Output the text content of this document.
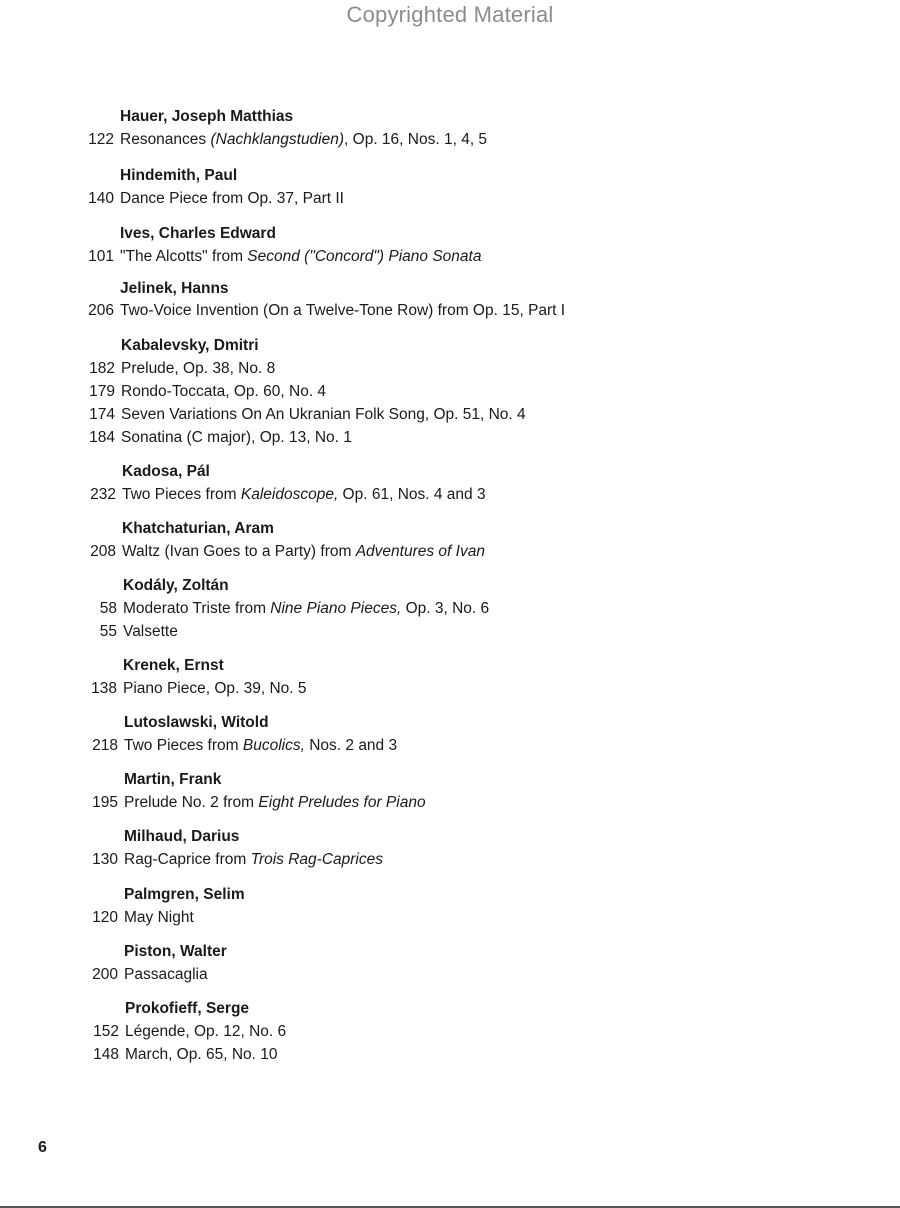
Copyrighted Material
Hauer, Joseph Matthias
122 Resonances (Nachklangstudien), Op. 16, Nos. 1, 4, 5
Hindemith, Paul
140 Dance Piece from Op. 37, Part II
Ives, Charles Edward
101 "The Alcotts" from Second ("Concord") Piano Sonata
Jelinek, Hanns
206 Two-Voice Invention (On a Twelve-Tone Row) from Op. 15, Part I
Kabalevsky, Dmitri
182 Prelude, Op. 38, No. 8
179 Rondo-Toccata, Op. 60, No. 4
174 Seven Variations On An Ukranian Folk Song, Op. 51, No. 4
184 Sonatina (C major), Op. 13, No. 1
Kadosa, Pál
232 Two Pieces from Kaleidoscope, Op. 61, Nos. 4 and 3
Khatchaturian, Aram
208 Waltz (Ivan Goes to a Party) from Adventures of Ivan
Kodály, Zoltán
58 Moderato Triste from Nine Piano Pieces, Op. 3, No. 6
55 Valsette
Krenek, Ernst
138 Piano Piece, Op. 39, No. 5
Lutoslawski, Witold
218 Two Pieces from Bucolics, Nos. 2 and 3
Martin, Frank
195 Prelude No. 2 from Eight Preludes for Piano
Milhaud, Darius
130 Rag-Caprice from Trois Rag-Caprices
Palmgren, Selim
120 May Night
Piston, Walter
200 Passacaglia
Prokofieff, Serge
152 Légende, Op. 12, No. 6
148 March, Op. 65, No. 10
6
